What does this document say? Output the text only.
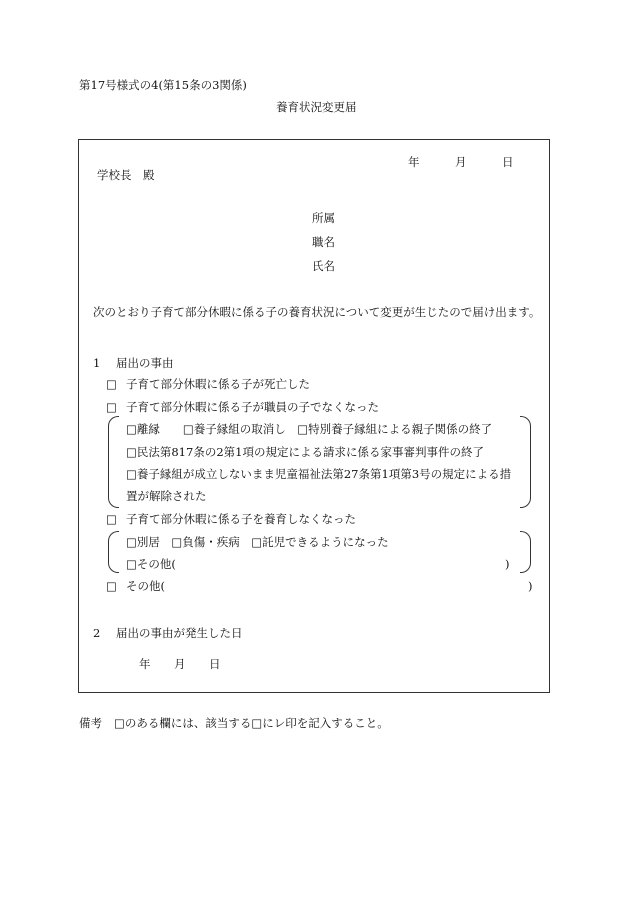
第17号様式の4(第15条の3関係)
養育状況変更届
年	月	日
学校長　殿
所属
職名
氏名
次のとおり子育て部分休暇に係る子の養育状況について変更が生じたので届け出ます。
1 届出の事由
□ 子育て部分休暇に係る子が死亡した
□ 子育て部分休暇に係る子が職員の子でなくなった
□離縁　　□養子縁組の取消し　□特別養子縁組による親子関係の終了
□民法第817条の2第1項の規定による請求に係る家事審判事件の終了
□養子縁組が成立しないまま児童福祉法第27条第1項第3号の規定による措
置が解除された
□ 子育て部分休暇に係る子を養育しなくなった
□別居　□負傷・疾病　□託児できるようになった
□その他(	)
□ その他(	)
2 届出の事由が発生した日
年 月 日
備考 □のある欄には、該当する□にレ印を記入すること。
